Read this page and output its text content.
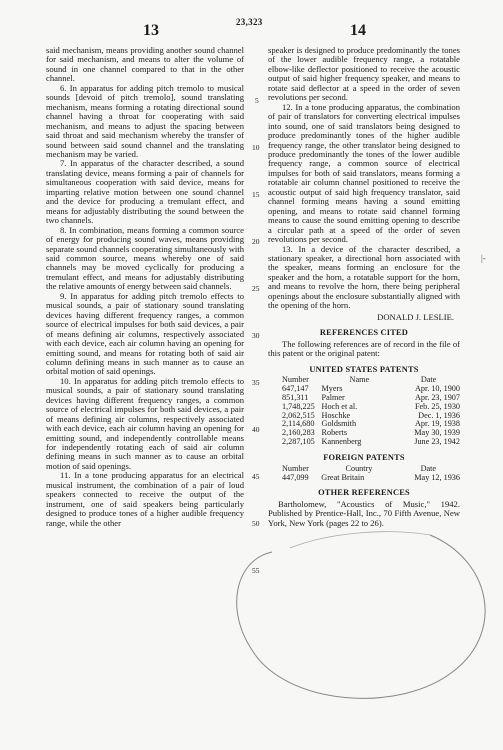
13	23,323	14

said mechanism, means providing another sound channel for said mechanism, and means to alter the volume of sound in one channel compared to that in the other channel.

6. In apparatus for adding pitch tremolo to musical sounds [devoid of pitch tremolo], sound translating mechanism, means forming a rotating directional sound channel having a throat for cooperating with said mechanism, and means to adjust the spacing between said throat and said mechanism whereby the transfer of sound between said sound channel and the translating mechanism may be varied.

7. In apparatus of the character described, a sound translating device, means forming a pair of channels for simultaneous cooperation with said device, means for imparting relative motion between one sound channel and the device for producing a tremulant effect, and means for adjustably distributing the sound between the two channels.

8. In combination, means forming a common source of energy for producing sound waves, means providing separate sound channels cooperating simultaneously with said common source, means whereby one of said channels may be moved cyclically for producing a tremulant effect, and means for adjustably distributing the relative amounts of energy between said channels.

9. In apparatus for adding pitch tremolo effects to musical sounds, a pair of stationary sound translating devices having different frequency ranges, a common source of electrical impulses for both said devices, a pair of means defining air columns, respectively associated with each device, each air column having an opening for emitting sound, and means for rotating both of said air column defining means in such manner as to cause an orbital motion of said openings.

10. In apparatus for adding pitch tremolo effects to musical sounds, a pair of stationary sound translating devices having different frequency ranges, a common source of electrical impulses for both said devices, a pair of means defining air columns, respectively associated with each device, each air column having an opening for emitting sound, and independently controllable means for independently rotating each of said air column defining means in such manner as to cause an orbital motion of said openings.

11. In a tone producing apparatus for an electrical musical instrument, the combination of a pair of loud speakers connected to receive the output of the instrument, one of said speakers being particularly designed to produce tones of a higher audible frequency range, while the other

5
10
15
20
25
30
35
40
45
50
55

speaker is designed to produce predominantly the tones of the lower audible frequency range, a rotatable elbow-like deflector positioned to receive the acoustic output of said higher frequency speaker, and means to rotate said deflector at a speed in the order of seven revolutions per second.

12. In a tone producing apparatus, the combination of pair of translators for converting electrical impulses into sound, one of said translators being designed to produce predominantly tones of the higher audible frequency range, the other translator being designed to produce predominantly the tones of the lower audible frequency range, a common source of electrical impulses for both of said translators, means forming a rotatable air column channel positioned to receive the acoustic output of said high frequency translator, said channel forming means having a sound emitting opening, and means to rotate said channel forming means to cause the sound emitting opening to describe a circular path at a speed of the order of seven revolutions per second.

13. In a device of the character described, a stationary speaker, a directional horn associated with the speaker, means forming an enclosure for the speaker and the horn, a rotatable support for the horn, and means to revolve the horn, there being peripheral openings about the enclosure substantially aligned with the opening of the horn.

DONALD J. LESLIE.

REFERENCES CITED

The following references are of record in the file of this patent or the original patent:

UNITED STATES PATENTS

Number	Name	Date
647,147	Myers	Apr. 10, 1900
851,311	Palmer	Apr. 23, 1907
1,748,225	Hoch et al.	Feb. 25, 1930
2,062,515	Hoschke	Dec. 1, 1936
2,114,680	Goldsmith	Apr. 19, 1938
2,160,283	Roberts	May 30, 1939
2,287,105	Kannenberg	June 23, 1942

FOREIGN PATENTS

Number	Country	Date
447,099	Great Britain	May 12, 1936

OTHER REFERENCES

Bartholomew, "Acoustics of Music," 1942. Published by Prentice-Hall, Inc., 70 Fifth Avenue, New York, New York (pages 22 to 26).

|-
